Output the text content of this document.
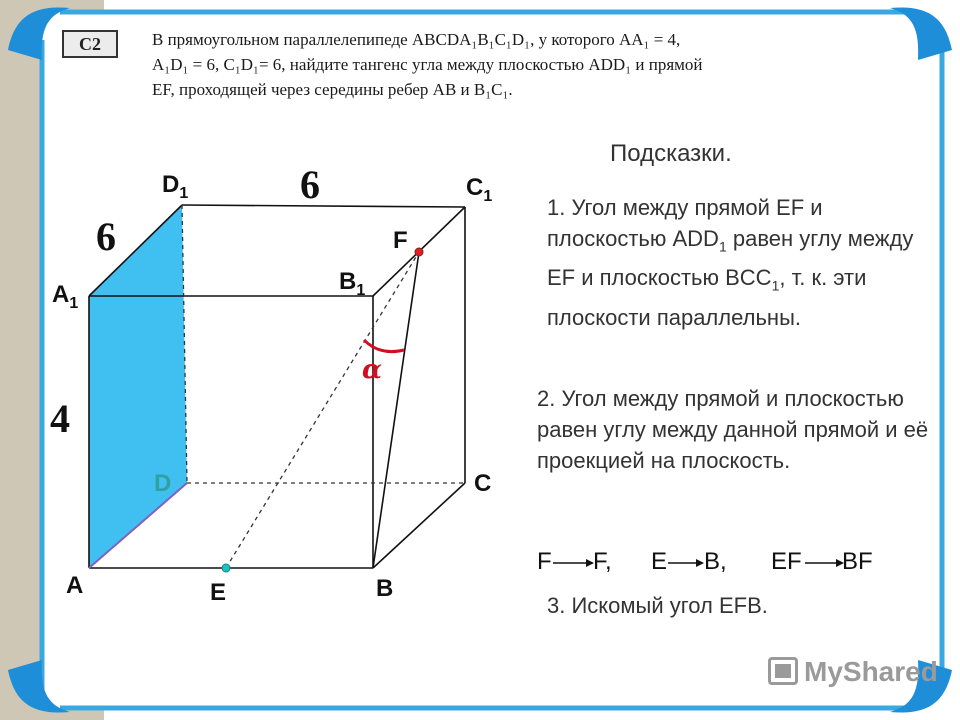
С2	В прямоугольном параллелепипеде ABCDA₁B₁C₁D₁, у которого AA₁ = 4,
A₁D₁ = 6, C₁D₁= 6, найдите тангенс угла между плоскостью ADD₁ и прямой
EF, проходящей через середины ребер AB и B₁C₁.
α
$D_1$	$C_1$
$B_1$
$A_1$
F
D	C
A	E	B
6
6
4
F F, E B, EF BF
Подсказки.
1. Угол между прямой EF и плоскостью $ADD_1$ равен углу между EF и плоскостью $BCC_1$, т. к. эти плоскости параллельны.
2. Угол между прямой и плоскостью равен углу между данной прямой и её проекцией на плоскость.
3. Искомый угол EFB.
MyShared
